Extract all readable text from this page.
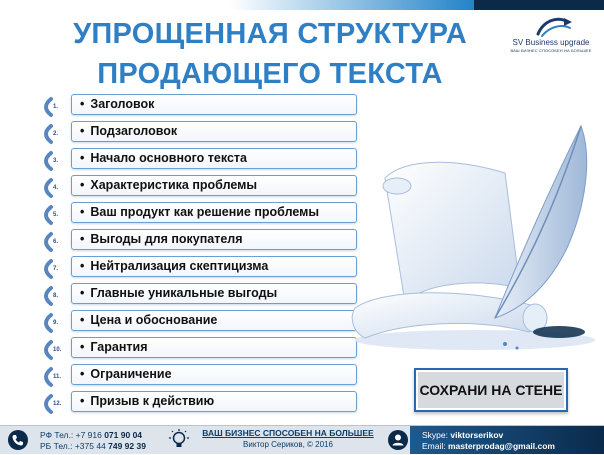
УПРОЩЕННАЯ СТРУКТУРА
ПРОДАЮЩЕГО ТЕКСТА
SV Business upgrade
ВАШ БИЗНЕС СПОСОБЕН НА БОЛЬШЕЕ
1. • Заголовок
2. • Подзаголовок
3. • Начало основного текста
4. • Характеристика проблемы
5. • Ваш продукт как решение проблемы
6. • Выгоды для покупателя
7. • Нейтрализация скептицизма
8. • Главные уникальные выгоды
9. • Цена и обоснование
10. • Гарантия
11. • Ограничение
12. • Призыв к действию
СОХРАНИ НА СТЕНЕ
РФ Тел.: +7 916 071 90 04
РБ Тел.: +375 44 749 92 39
ВАШ БИЗНЕС СПОСОБЕН НА БОЛЬШЕЕ
Виктор Сериков, © 2016
Skype: viktorserikov
Email: masterprodag@gmail.com
